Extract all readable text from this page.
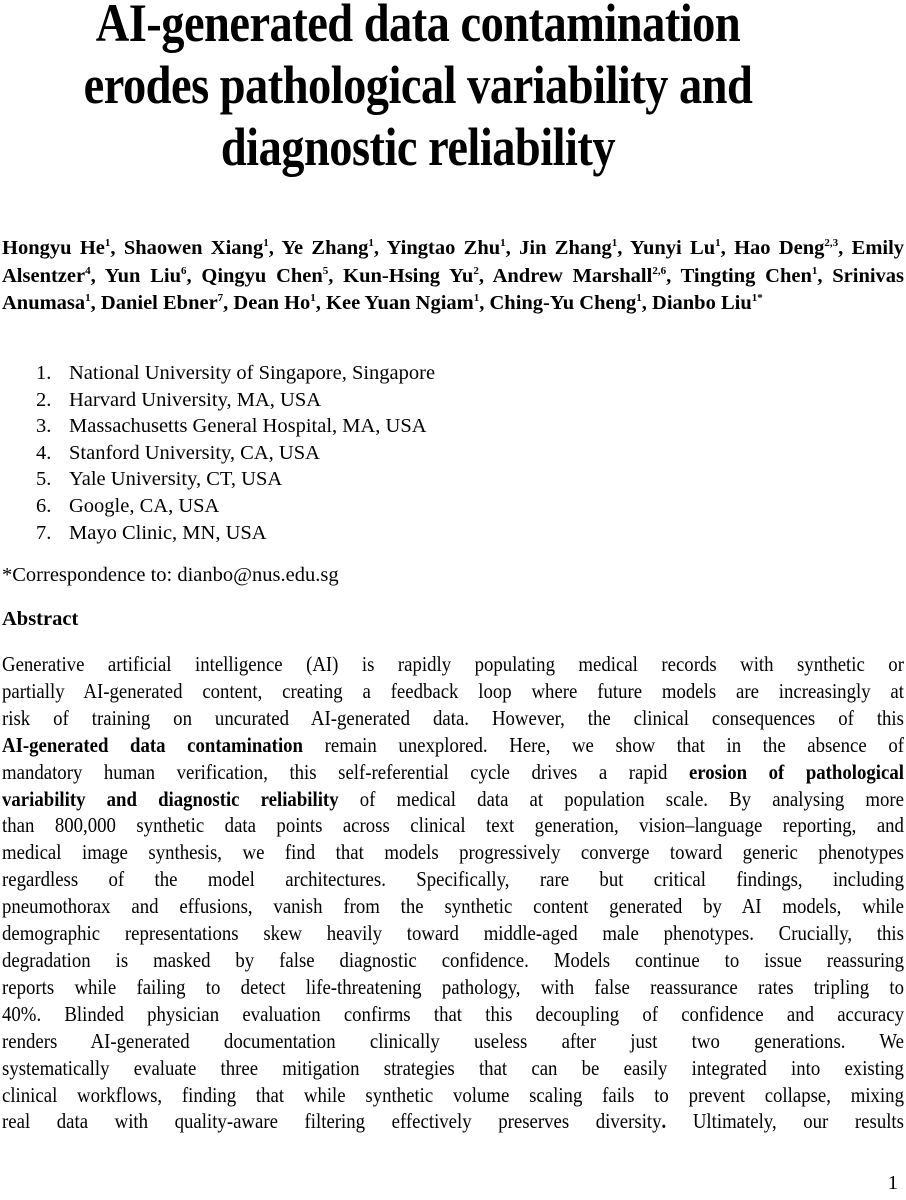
AI-generated data contamination
erodes pathological variability and
diagnostic reliability

Hongyu He$^1$, Shaowen Xiang$^1$, Ye Zhang$^1$, Yingtao Zhu$^1$, Jin Zhang$^1$, Yunyi Lu$^1$, Hao Deng$^{2,3}$, Emily Alsentzer$^4$, Yun Liu$^6$, Qingyu Chen$^5$, Kun-Hsing Yu$^2$, Andrew Marshall$^{2,6}$, Tingting Chen$^1$, Srinivas Anumasa$^1$, Daniel Ebner$^7$, Dean Ho$^1$, Kee Yuan Ngiam$^1$, Ching-Yu Cheng$^1$, Dianbo Liu$^{1*}$

1. National University of Singapore, Singapore
2. Harvard University, MA, USA
3. Massachusetts General Hospital, MA, USA
4. Stanford University, CA, USA
5. Yale University, CT, USA
6. Google, CA, USA
7. Mayo Clinic, MN, USA

*Correspondence to: dianbo@nus.edu.sg

Abstract

Generative artificial intelligence (AI) is rapidly populating medical records with synthetic or
partially AI-generated content, creating a feedback loop where future models are increasingly at
risk of training on uncurated AI-generated data. However, the clinical consequences of this
AI-generated data contamination remain unexplored. Here, we show that in the absence of
mandatory human verification, this self-referential cycle drives a rapid erosion of pathological
variability and diagnostic reliability of medical data at population scale. By analysing more
than 800,000 synthetic data points across clinical text generation, vision–language reporting, and
medical image synthesis, we find that models progressively converge toward generic phenotypes
regardless of the model architectures. Specifically, rare but critical findings, including
pneumothorax and effusions, vanish from the synthetic content generated by AI models, while
demographic representations skew heavily toward middle-aged male phenotypes. Crucially, this
degradation is masked by false diagnostic confidence. Models continue to issue reassuring
reports while failing to detect life-threatening pathology, with false reassurance rates tripling to
40%. Blinded physician evaluation confirms that this decoupling of confidence and accuracy
renders AI-generated documentation clinically useless after just two generations. We
systematically evaluate three mitigation strategies that can be easily integrated into existing
clinical workflows, finding that while synthetic volume scaling fails to prevent collapse, mixing
real data with quality-aware filtering effectively preserves diversity. Ultimately, our results

1
